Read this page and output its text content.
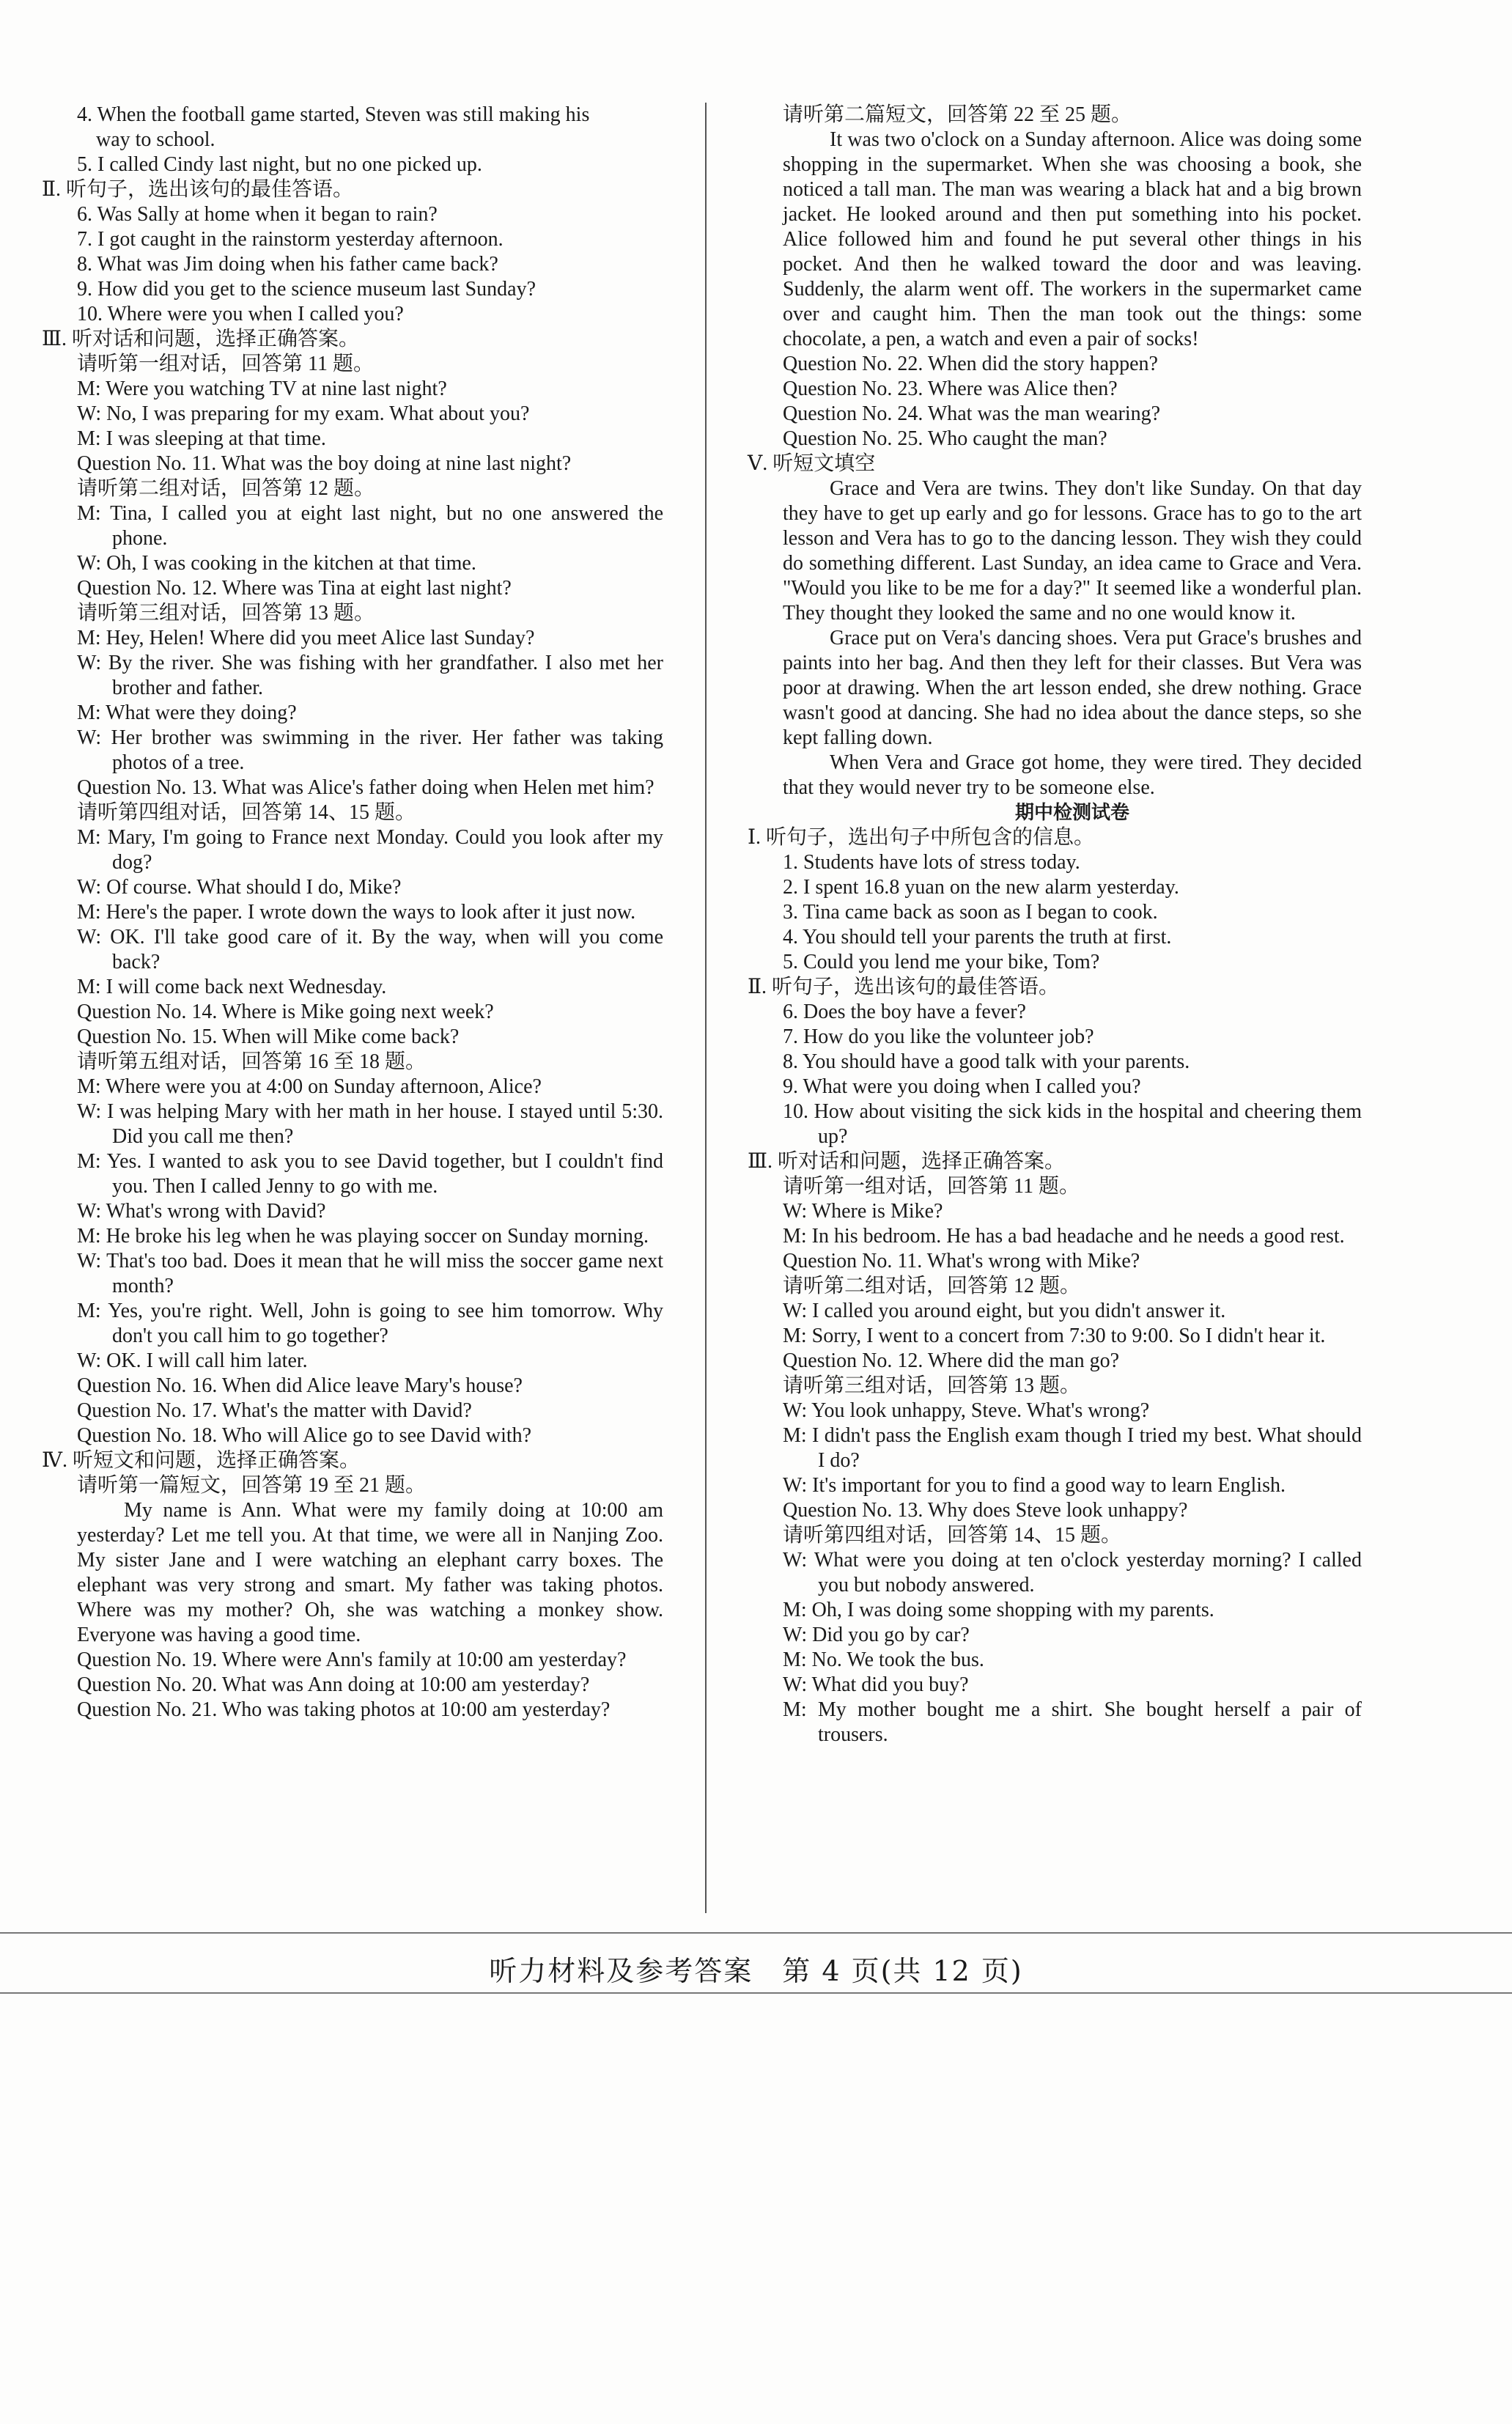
4. When the football game started, Steven was still making his
way to school.
5. I called Cindy last night, but no one picked up.
Ⅱ. 听句子，选出该句的最佳答语。
6. Was Sally at home when it began to rain?
7. I got caught in the rainstorm yesterday afternoon.
8. What was Jim doing when his father came back?
9. How did you get to the science museum last Sunday?
10. Where were you when I called you?
Ⅲ. 听对话和问题，选择正确答案。
请听第一组对话，回答第 11 题。
M: Were you watching TV at nine last night?
W: No, I was preparing for my exam. What about you?
M: I was sleeping at that time.
Question No. 11. What was the boy doing at nine last night?
请听第二组对话，回答第 12 题。
M: Tina, I called you at eight last night, but no one answered the phone.
W: Oh, I was cooking in the kitchen at that time.
Question No. 12. Where was Tina at eight last night?
请听第三组对话，回答第 13 题。
M: Hey, Helen! Where did you meet Alice last Sunday?
W: By the river. She was fishing with her grandfather. I also met her brother and father.
M: What were they doing?
W: Her brother was swimming in the river. Her father was taking photos of a tree.
Question No. 13. What was Alice's father doing when Helen met him?
请听第四组对话，回答第 14、15 题。
M: Mary, I'm going to France next Monday. Could you look after my dog?
W: Of course. What should I do, Mike?
M: Here's the paper. I wrote down the ways to look after it just now.
W: OK. I'll take good care of it. By the way, when will you come back?
M: I will come back next Wednesday.
Question No. 14. Where is Mike going next week?
Question No. 15. When will Mike come back?
请听第五组对话，回答第 16 至 18 题。
M: Where were you at 4:00 on Sunday afternoon, Alice?
W: I was helping Mary with her math in her house. I stayed until 5:30. Did you call me then?
M: Yes. I wanted to ask you to see David together, but I couldn't find you. Then I called Jenny to go with me.
W: What's wrong with David?
M: He broke his leg when he was playing soccer on Sunday morning.
W: That's too bad. Does it mean that he will miss the soccer game next month?
M: Yes, you're right. Well, John is going to see him tomorrow. Why don't you call him to go together?
W: OK. I will call him later.
Question No. 16. When did Alice leave Mary's house?
Question No. 17. What's the matter with David?
Question No. 18. Who will Alice go to see David with?
Ⅳ. 听短文和问题，选择正确答案。
请听第一篇短文，回答第 19 至 21 题。
My name is Ann. What were my family doing at 10:00 am yesterday? Let me tell you. At that time, we were all in Nanjing Zoo. My sister Jane and I were watching an elephant carry boxes. The elephant was very strong and smart. My father was taking photos. Where was my mother? Oh, she was watching a monkey show. Everyone was having a good time.
Question No. 19. Where were Ann's family at 10:00 am yesterday?
Question No. 20. What was Ann doing at 10:00 am yesterday?
Question No. 21. Who was taking photos at 10:00 am yesterday?
请听第二篇短文，回答第 22 至 25 题。
It was two o'clock on a Sunday afternoon. Alice was doing some shopping in the supermarket. When she was choosing a book, she noticed a tall man. The man was wearing a black hat and a big brown jacket. He looked around and then put something into his pocket. Alice followed him and found he put several other things in his pocket. And then he walked toward the door and was leaving. Suddenly, the alarm went off. The workers in the supermarket came over and caught him. Then the man took out the things: some chocolate, a pen, a watch and even a pair of socks!
Question No. 22. When did the story happen?
Question No. 23. Where was Alice then?
Question No. 24. What was the man wearing?
Question No. 25. Who caught the man?
Ⅴ. 听短文填空
Grace and Vera are twins. They don't like Sunday. On that day they have to get up early and go for lessons. Grace has to go to the art lesson and Vera has to go to the dancing lesson. They wish they could do something different. Last Sunday, an idea came to Grace and Vera. "Would you like to be me for a day?" It seemed like a wonderful plan. They thought they looked the same and no one would know it.
Grace put on Vera's dancing shoes. Vera put Grace's brushes and paints into her bag. And then they left for their classes. But Vera was poor at drawing. When the art lesson ended, she drew nothing. Grace wasn't good at dancing. She had no idea about the dance steps, so she kept falling down.
When Vera and Grace got home, they were tired. They decided that they would never try to be someone else.
期中检测试卷
Ⅰ. 听句子，选出句子中所包含的信息。
1. Students have lots of stress today.
2. I spent 16.8 yuan on the new alarm yesterday.
3. Tina came back as soon as I began to cook.
4. You should tell your parents the truth at first.
5. Could you lend me your bike, Tom?
Ⅱ. 听句子，选出该句的最佳答语。
6. Does the boy have a fever?
7. How do you like the volunteer job?
8. You should have a good talk with your parents.
9. What were you doing when I called you?
10. How about visiting the sick kids in the hospital and cheering them up?
Ⅲ. 听对话和问题，选择正确答案。
请听第一组对话，回答第 11 题。
W: Where is Mike?
M: In his bedroom. He has a bad headache and he needs a good rest.
Question No. 11. What's wrong with Mike?
请听第二组对话，回答第 12 题。
W: I called you around eight, but you didn't answer it.
M: Sorry, I went to a concert from 7:30 to 9:00. So I didn't hear it.
Question No. 12. Where did the man go?
请听第三组对话，回答第 13 题。
W: You look unhappy, Steve. What's wrong?
M: I didn't pass the English exam though I tried my best. What should I do?
W: It's important for you to find a good way to learn English.
Question No. 13. Why does Steve look unhappy?
请听第四组对话，回答第 14、15 题。
W: What were you doing at ten o'clock yesterday morning? I called you but nobody answered.
M: Oh, I was doing some shopping with my parents.
W: Did you go by car?
M: No. We took the bus.
W: What did you buy?
M: My mother bought me a shirt. She bought herself a pair of trousers.
听力材料及参考答案　第 4 页(共 12 页)
